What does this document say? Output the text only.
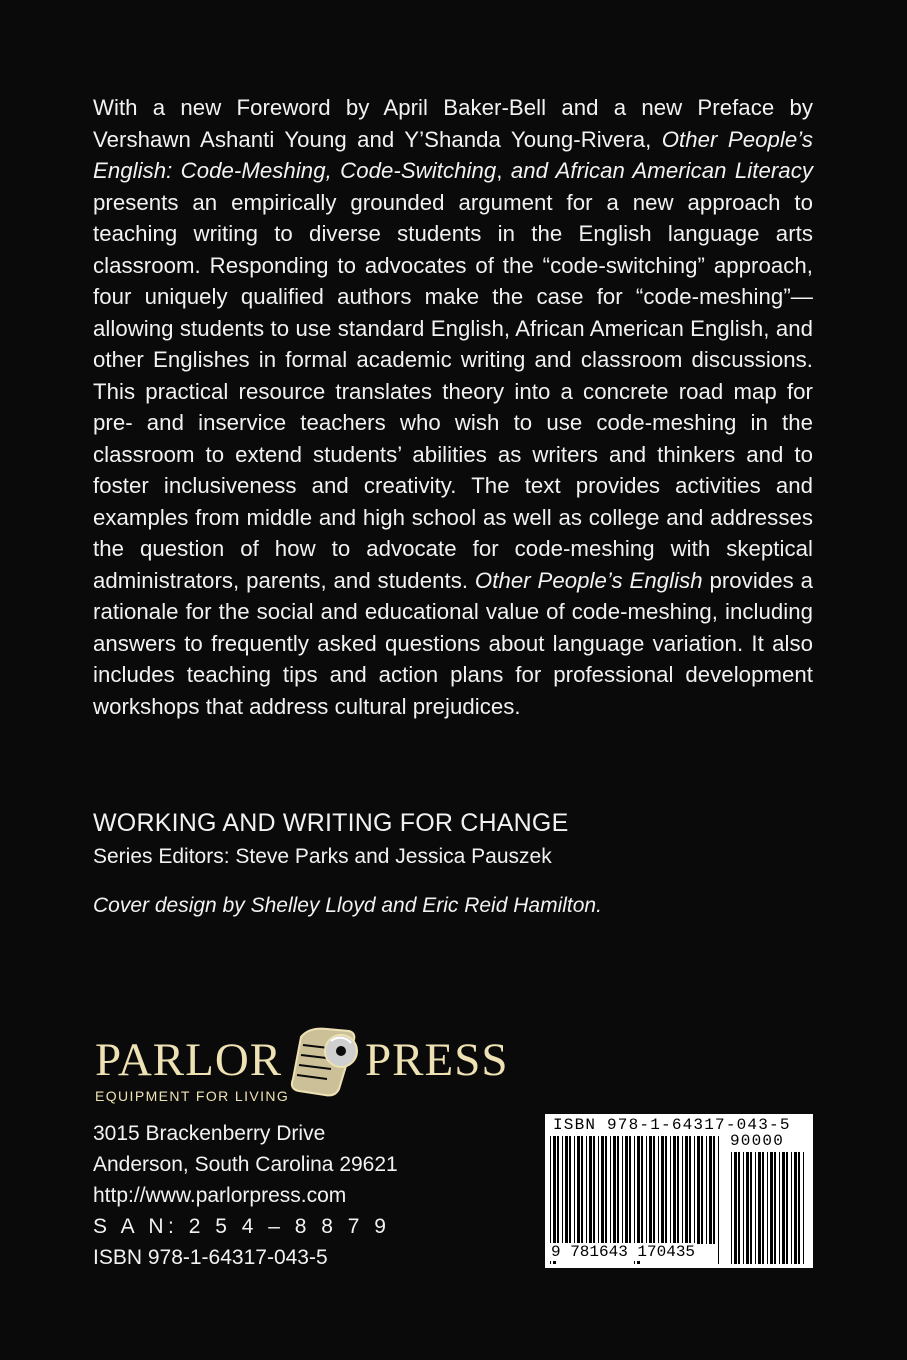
With a new Foreword by April Baker-Bell and a new Preface by Vershawn Ashanti Young and Y’Shanda Young-Rivera, Other People’s English: Code-Meshing, Code-Switching, and African American Literacy presents an empirically grounded argument for a new approach to teaching writing to diverse students in the English language arts classroom. Responding to advocates of the “code-switching” approach, four uniquely qualified authors make the case for “code-meshing”—allowing students to use standard English, African American English, and other Englishes in formal academic writing and classroom discussions. This practical resource translates theory into a concrete road map for pre- and inservice teachers who wish to use code-meshing in the classroom to extend students’ abilities as writers and thinkers and to foster inclusiveness and creativity. The text provides activities and examples from middle and high school as well as college and addresses the question of how to advocate for code-meshing with skeptical administrators, parents, and students. Other People’s English provides a rationale for the social and educational value of code-meshing, including answers to frequently asked questions about language variation. It also includes teaching tips and action plans for professional development workshops that address cultural prejudices.
WORKING AND WRITING FOR CHANGE
Series Editors: Steve Parks and Jessica Pauszek
Cover design by Shelley Lloyd and Eric Reid Hamilton.
PARLOR PRESS
EQUIPMENT FOR LIVING
3015 Brackenberry Drive
Anderson, South Carolina 29621
http://www.parlorpress.com
S A N: 2 5 4 – 8 8 7 9
ISBN 978-1-64317-043-5
ISBN 978-1-64317-043-5
90000
9 781643 170435
